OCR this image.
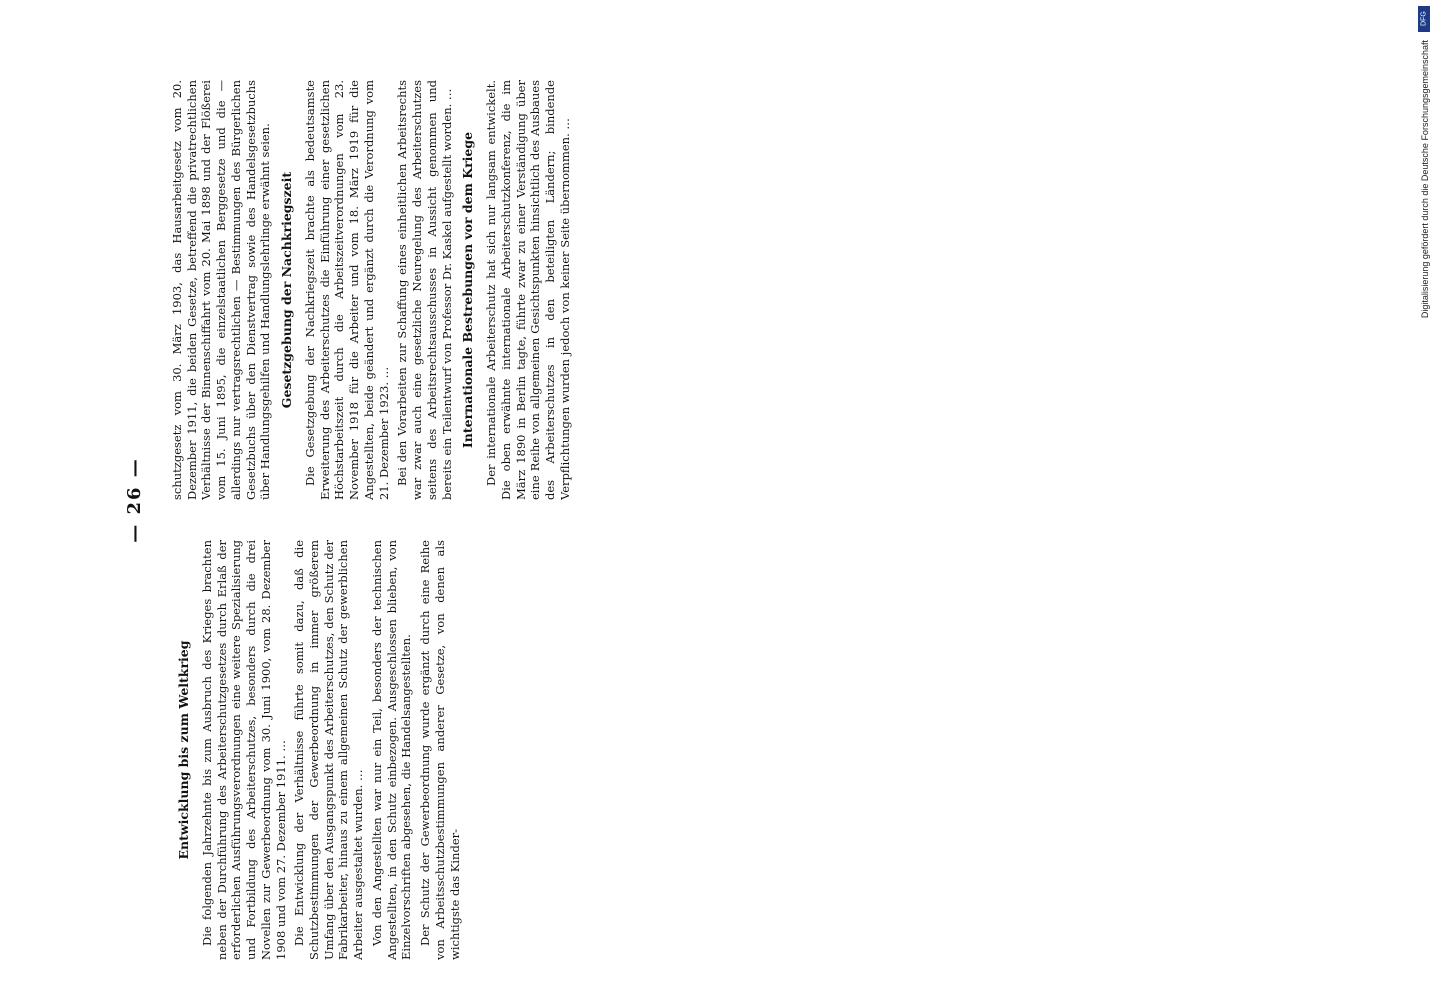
— 26 —
Entwicklung bis zum Weltkrieg Die folgenden Jahrzehnte bis zum Ausbruch des Krieges brachten neben der Durchführung des Arbeiterschutzgesetzes durch Erlaß der erforderlichen Ausführungsverordnungen eine weitere Spezialisierung und Fortbildung des Arbeiterschutzes, besonders durch die drei Novellen zur Gewerbeordnung vom 30. Juni 1900, vom 28. Dezember 1908 und vom 27. Dezember 1911. … Die Entwicklung der Verhältnisse führte somit dazu, daß die Schutzbestimmungen der Gewerbeordnung in immer größerem Umfang über den Ausgangspunkt des Arbeiterschutzes, den Schutz der Fabrikarbeiter, hinaus zu einem allgemeinen Schutz der gewerblichen Arbeiter ausgestaltet wurden. … Von den Angestellten war nur ein Teil, besonders der technischen Angestellten, in den Schutz einbezogen. Ausgeschlossen blieben, von Einzelvorschriften abgesehen, die Handelsangestellten. Der Schutz der Gewerbeordnung wurde ergänzt durch eine Reihe von Arbeitsschutzbestimmungen anderer Gesetze, von denen als wichtigste das Kinder-

schutzgesetz vom 30. März 1903, das Hausarbeitgesetz vom 20. Dezember 1911, die beiden Gesetze, betreffend die privatrechtlichen Verhältnisse der Binnenschiffahrt vom 20. Mai 1898 und der Flößerei vom 15. Juni 1895, die einzelstaatlichen Berggesetze und die — allerdings nur vertragsrechtlichen — Bestimmungen des Bürgerlichen Gesetzbuchs über den Dienstvertrag sowie des Handelsgesetzbuchs über Handlungsgehilfen und Handlungslehrlinge erwähnt seien. Gesetzgebung der Nachkriegszeit Die Gesetzgebung der Nachkriegszeit brachte als bedeutsamste Erweiterung des Arbeiterschutzes die Einführung einer gesetzlichen Höchstarbeitszeit durch die Arbeitszeitverordnungen vom 23. November 1918 für die Arbeiter und vom 18. März 1919 für die Angestellten, beide geändert und ergänzt durch die Verordnung vom 21. Dezember 1923. … Bei den Vorarbeiten zur Schaffung eines einheitlichen Arbeitsrechts war zwar auch eine gesetzliche Neuregelung des Arbeiterschutzes seitens des Arbeitsrechtsausschusses in Aussicht genommen und bereits ein Teilentwurf von Professor Dr. Kaskel aufgestellt worden. … Internationale Bestrebungen vor dem Kriege Der internationale Arbeiterschutz hat sich nur langsam entwickelt. Die oben erwähnte internationale Arbeiterschutzkonferenz, die im März 1890 in Berlin tagte, führte zwar zu einer Verständigung über eine Reihe von allgemeinen Gesichtspunkten hinsichtlich des Ausbaues des Arbeiterschutzes in den beteiligten Ländern; bindende Verpflichtungen wurden jedoch von keiner Seite übernommen. …

DFG
Digitalisierung gefördert durch die Deutsche Forschungsgemeinschaft
